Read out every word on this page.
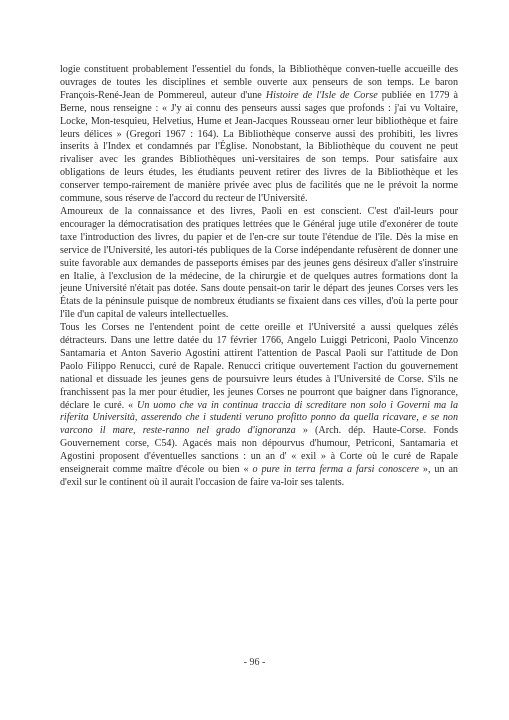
logie constituent probablement l'essentiel du fonds, la Bibliothèque conven-tuelle accueille des ouvrages de toutes les disciplines et semble ouverte aux penseurs de son temps. Le baron François-René-Jean de Pommereul, auteur d'une Histoire de l'Isle de Corse publiée en 1779 à Berne, nous renseigne : « J'y ai connu des penseurs aussi sages que profonds : j'ai vu Voltaire, Locke, Mon-tesquieu, Helvetius, Hume et Jean-Jacques Rousseau orner leur bibliothèque et faire leurs délices » (Gregori 1967 : 164). La Bibliothèque conserve aussi des prohibiti, les livres inserits à l'Index et condamnés par l'Église. Nonobstant, la Bibliothèque du couvent ne peut rivaliser avec les grandes Bibliothèques uni-versitaires de son temps. Pour satisfaire aux obligations de leurs études, les étudiants peuvent retirer des livres de la Bibliothèque et les conserver tempo-rairement de manière privée avec plus de facilités que ne le prévoit la norme commune, sous réserve de l'accord du recteur de l'Université.

Amoureux de la connaissance et des livres, Paoli en est conscient. C'est d'ail-leurs pour encourager la démocratisation des pratiques lettrées que le Général juge utile d'exonérer de toute taxe l'introduction des livres, du papier et de l'en-cre sur toute l'étendue de l'île. Dès la mise en service de l'Université, les autori-tés publiques de la Corse indépendante refusèrent de donner une suite favorable aux demandes de passeports émises par des jeunes gens désireux d'aller s'instruire en Italie, à l'exclusion de la médecine, de la chirurgie et de quelques autres formations dont la jeune Université n'était pas dotée. Sans doute pensait-on tarir le départ des jeunes Corses vers les États de la péninsule puisque de nombreux étudiants se fixaient dans ces villes, d'où la perte pour l'île d'un capital de valeurs intellectuelles.

Tous les Corses ne l'entendent point de cette oreille et l'Université a aussi quelques zélés détracteurs. Dans une lettre datée du 17 février 1766, Angelo Luiggi Petriconi, Paolo Vincenzo Santamaria et Anton Saverio Agostini attirent l'attention de Pascal Paoli sur l'attitude de Don Paolo Filippo Renucci, curé de Rapale. Renucci critique ouvertement l'action du gouvernement national et dissuade les jeunes gens de poursuivre leurs études à l'Université de Corse. S'ils ne franchissent pas la mer pour étudier, les jeunes Corses ne pourront que baigner dans l'ignorance, déclare le curé. « Un uomo che va in continua traccia di screditare non solo i Governi ma la riferita Università, asserendo che i studenti veruno profitto ponno da quella ricavare, e se non varcono il mare, reste-ranno nel grado d'ignoranza » (Arch. dép. Haute-Corse. Fonds Gouvernement corse, C54). Agacés mais non dépourvus d'humour, Petriconi, Santamaria et Agostini proposent d'éventuelles sanctions : un an d' « exil » à Corte où le curé de Rapale enseignerait comme maître d'école ou bien « o pure in terra ferma a farsi conoscere », un an d'exil sur le continent où il aurait l'occasion de faire va-loir ses talents.

- 96 -
